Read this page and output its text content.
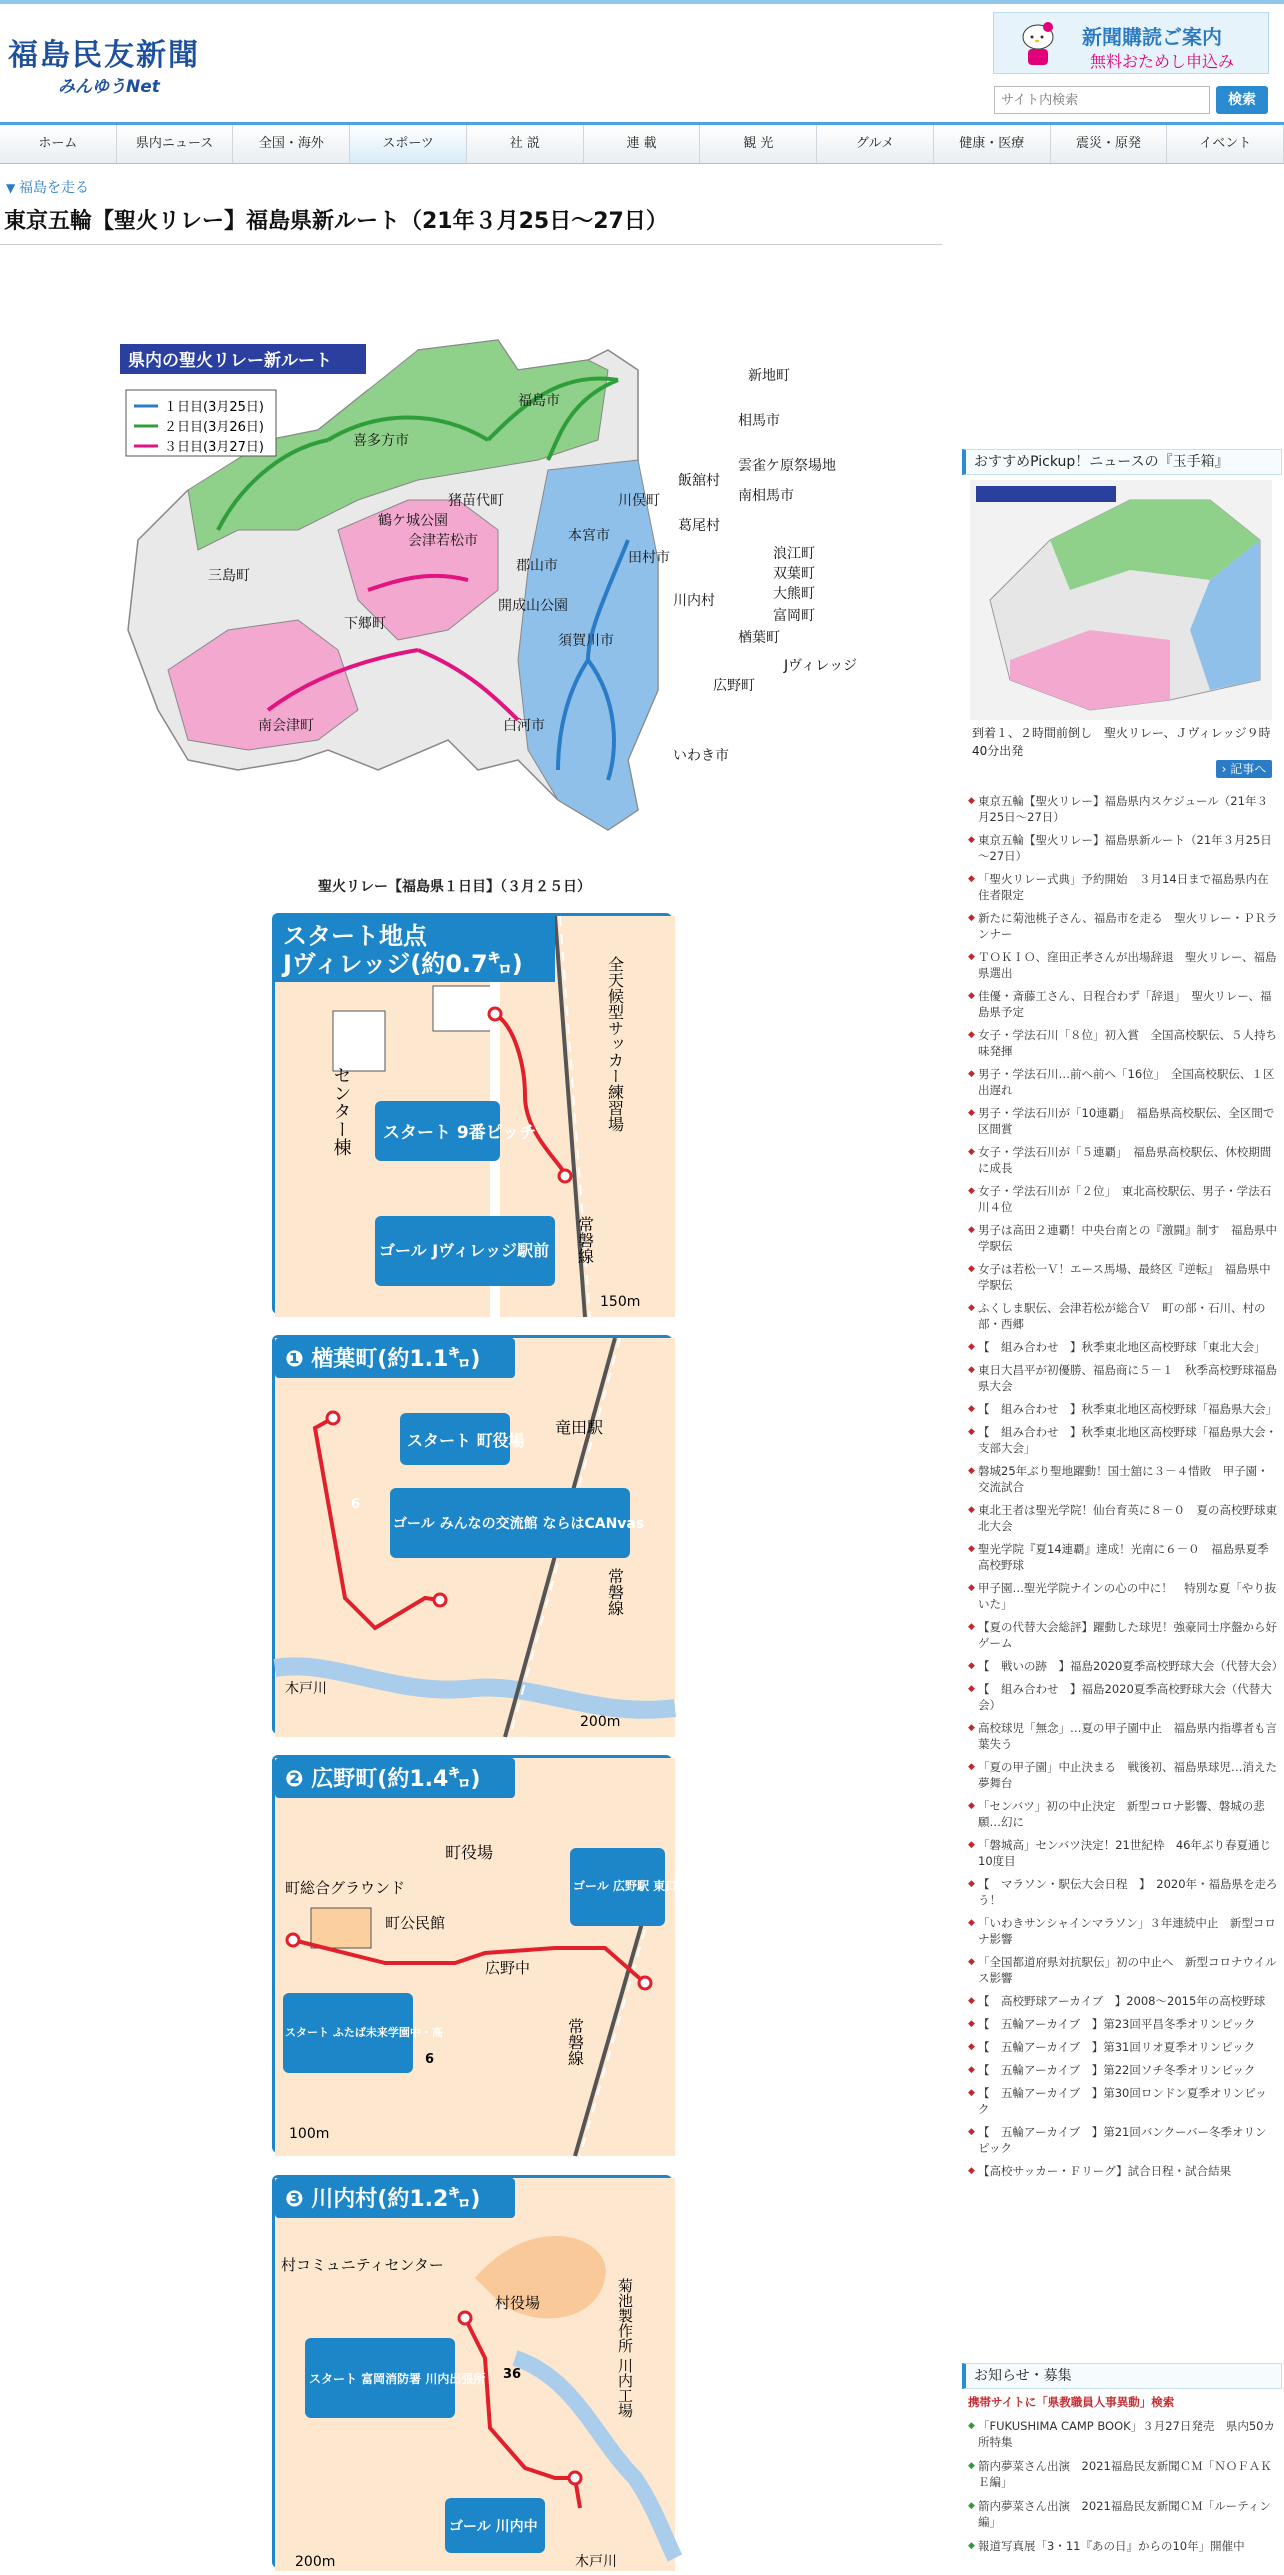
福島民友新聞
みんゆうNet
新聞購読ご案内
無料おためし申込み
サイト内検索
検索
ホーム	県内ニュース	全国・海外	スポーツ	社 説	連 載	観 光	グルメ	健康・医療	震災・原発	イベント
▼ 福島を走る
東京五輪【聖火リレー】福島県新ルート（21年３月25日～27日）
県内の聖火リレー新ルート
１日目(3月25日)
２日目(3月26日)
３日目(3月27日)
新地町
相馬市
福島市
喜多方市
飯舘村
雲雀ケ原祭場地
南相馬市
川俣町
葛尾村
浪江町
双葉町
大熊町
富岡町
楢葉町
広野町
Jヴィレッジ
猪苗代町
鶴ケ城公園
会津若松市
三島町
本宮市
郡山市
開成山公園
田村市
川内村
須賀川市
下郷町
南会津町	白河市
いわき市
聖火リレー【福島県１日目】（３月２５日）
スタート地点
Jヴィレッジ(約0.7㌔)	全天候型サッカー練習場
センター棟 スタート 9番ピッチ
ゴール Jヴィレッジ駅前 常磐線
150m
❶ 楢葉町(約1.1㌔)
スタート 町役場
竜田駅
ゴール みんなの交流館 ならはCANvas
常磐線
木戸川
200m
6
❷ 広野町(約1.4㌔)
町役場
町総合グラウンド
町公民館
広野中
ゴール 広野駅 東口前
スタート ふたば未来学園中・高	常磐線
100m
6
❸ 川内村(約1.2㌔)
村コミュニティセンター
村役場	菊池製作所 川内工場
スタート 富岡消防署 川内出張所
ゴール 川内中
木戸川
200m
36
おすすめPickup！ニュースの『玉手箱』
到着１、２時間前倒し　聖火リレー、Ｊヴィレッジ９時40分出発
› 記事へ
◆ 東京五輪【聖火リレー】福島県内スケジュール（21年３月25日～27日）
◆ 東京五輪【聖火リレー】福島県新ルート（21年３月25日～27日）
◆ 「聖火リレー式典」予約開始　３月14日まで福島県内在住者限定
◆ 新たに菊池桃子さん、福島市を走る　聖火リレー・ＰＲランナー
◆ ＴＯＫＩＯ、窪田正孝さんが出場辞退　聖火リレー、福島県選出
◆ 佳優・斎藤工さん、日程合わず「辞退」　聖火リレー、福島県予定
◆ 女子・学法石川「８位」初入賞　全国高校駅伝、５人持ち味発揮
◆ 男子・学法石川…前へ前へ「16位」　全国高校駅伝、１区出遅れ
◆ 男子・学法石川が「10連覇」　福島県高校駅伝、全区間で区間賞
◆ 女子・学法石川が「５連覇」　福島県高校駅伝、休校期間に成長
◆ 女子・学法石川が「２位」　東北高校駅伝、男子・学法石川４位
◆ 男子は高田２連覇！中央台南との『激闘』制す　福島県中学駅伝
◆ 女子は若松一Ｖ！エース馬場、最終区『逆転』　福島県中学駅伝
◆ ふくしま駅伝、会津若松が総合Ｖ　町の部・石川、村の部・西郷
◆ 【　組み合わせ　】秋季東北地区高校野球「東北大会」
◆ 東日大昌平が初優勝、福島商に５－１　秋季高校野球福島県大会
◆ 【　組み合わせ　】秋季東北地区高校野球「福島県大会」
◆ 【　組み合わせ　】秋季東北地区高校野球「福島県大会・支部大会」
◆ 磐城25年ぶり聖地躍動！国士舘に３－４惜敗　甲子園・交流試合
◆ 東北王者は聖光学院！仙台育英に８－０　夏の高校野球東北大会
◆ 聖光学院『夏14連覇』達成！光南に６－０　福島県夏季高校野球
◆ 甲子園…聖光学院ナインの心の中に！　特別な夏「やり抜いた」
◆ 【夏の代替大会総評】躍動した球児！強豪同士序盤から好ゲーム
◆ 【　戦いの跡　】福島2020夏季高校野球大会（代替大会）
◆ 【　組み合わせ　】福島2020夏季高校野球大会（代替大会）
◆ 高校球児「無念」…夏の甲子園中止　福島県内指導者も言葉失う
◆ 「夏の甲子園」中止決まる　戦後初、福島県球児…消えた夢舞台
◆ 「センバツ」初の中止決定　新型コロナ影響、磐城の悲願…幻に
◆ 「磐城高」センバツ決定！21世紀枠　46年ぶり春夏通じ10度目
◆ 【　マラソン・駅伝大会日程　】　2020年・福島県を走ろう！
◆ 「いわきサンシャインマラソン」３年連続中止　新型コロナ影響
◆ 「全国都道府県対抗駅伝」初の中止へ　新型コロナウイルス影響
◆ 【　高校野球アーカイブ　】2008～2015年の高校野球
◆ 【　五輪アーカイブ　】第23回平昌冬季オリンピック
◆ 【　五輪アーカイブ　】第31回リオ夏季オリンピック
◆ 【　五輪アーカイブ　】第22回ソチ冬季オリンピック
◆ 【　五輪アーカイブ　】第30回ロンドン夏季オリンピック
◆ 【　五輪アーカイブ　】第21回バンクーバー冬季オリンピック
◆ 【高校サッカー・Ｆリーグ】試合日程・試合結果
お知らせ・募集
携帯サイトに「県教職員人事異動」検索
◆ 「FUKUSHIMA CAMP BOOK」３月27日発売　県内50カ所特集
◆ 箭内夢菜さん出演　2021福島民友新聞ＣＭ「ＮＯＦＡＫＥ編」
◆ 箭内夢菜さん出演　2021福島民友新聞ＣＭ「ルーティン編」
◆ 報道写真展「3・11『あの日』からの10年」開催中
